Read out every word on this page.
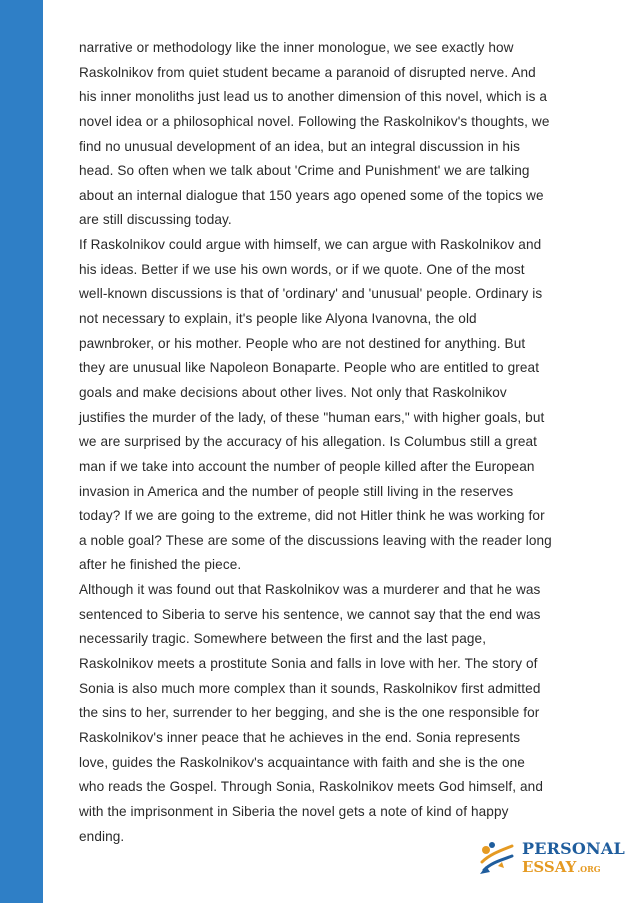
narrative or methodology like the inner monologue, we see exactly how
Raskolnikov from quiet student became a paranoid of disrupted nerve. And
his inner monoliths just lead us to another dimension of this novel, which is a
novel idea or a philosophical novel. Following the Raskolnikov's thoughts, we
find no unusual development of an idea, but an integral discussion in his
head. So often when we talk about 'Crime and Punishment' we are talking
about an internal dialogue that 150 years ago opened some of the topics we
are still discussing today.
If Raskolnikov could argue with himself, we can argue with Raskolnikov and
his ideas. Better if we use his own words, or if we quote. One of the most
well-known discussions is that of 'ordinary' and 'unusual' people. Ordinary is
not necessary to explain, it's people like Alyona Ivanovna, the old
pawnbroker, or his mother. People who are not destined for anything. But
they are unusual like Napoleon Bonaparte. People who are entitled to great
goals and make decisions about other lives. Not only that Raskolnikov
justifies the murder of the lady, of these "human ears," with higher goals, but
we are surprised by the accuracy of his allegation. Is Columbus still a great
man if we take into account the number of people killed after the European
invasion in America and the number of people still living in the reserves
today? If we are going to the extreme, did not Hitler think he was working for
a noble goal? These are some of the discussions leaving with the reader long
after he finished the piece.
Although it was found out that Raskolnikov was a murderer and that he was
sentenced to Siberia to serve his sentence, we cannot say that the end was
necessarily tragic. Somewhere between the first and the last page,
Raskolnikov meets a prostitute Sonia and falls in love with her. The story of
Sonia is also much more complex than it sounds, Raskolnikov first admitted
the sins to her, surrender to her begging, and she is the one responsible for
Raskolnikov's inner peace that he achieves in the end. Sonia represents
love, guides the Raskolnikov's acquaintance with faith and she is the one
who reads the Gospel. Through Sonia, Raskolnikov meets God himself, and
with the imprisonment in Siberia the novel gets a note of kind of happy
ending.
PERSONAL
ESSAY.ORG
